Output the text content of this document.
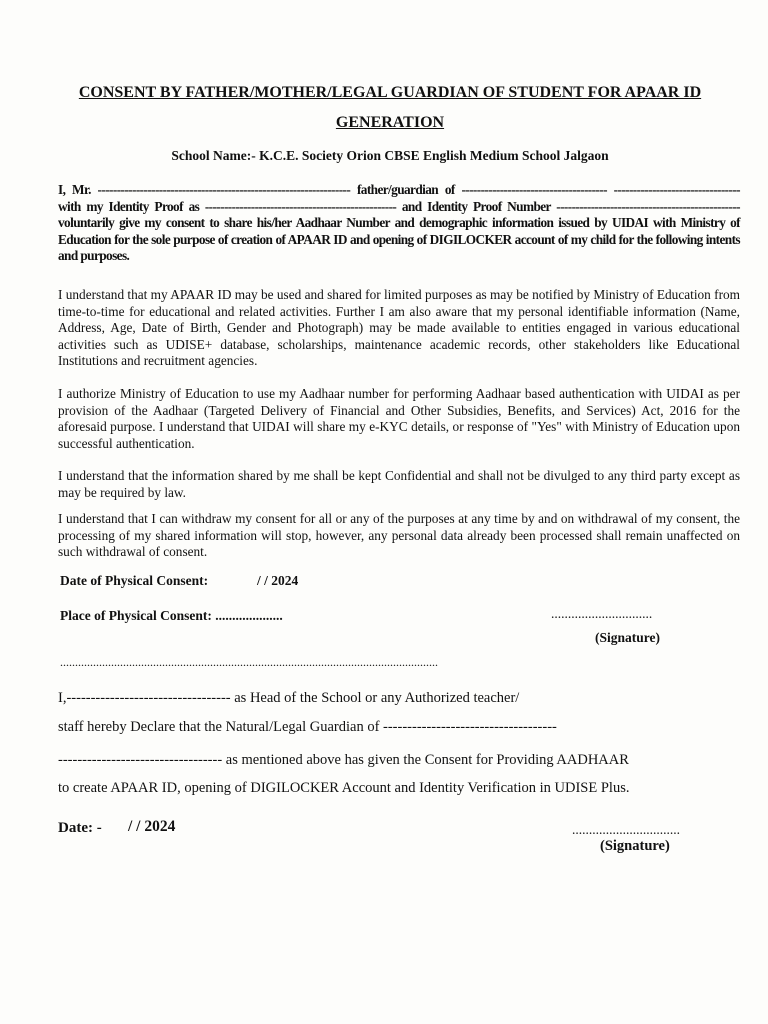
CONSENT BY FATHER/MOTHER/LEGAL GUARDIAN OF STUDENT FOR APAAR ID
GENERATION
School Name:- K.C.E. Society Orion CBSE English Medium School Jalgaon

I, Mr. ------------------------------------------------------------------ father/guardian of -------------------------------------- --------------------------------- with my Identity Proof as -------------------------------------------------- and Identity Proof Number ------------------------------------------------voluntarily give my consent to share his/her Aadhaar Number and demographic information issued by UIDAI with Ministry of Education for the sole purpose of creation of APAAR ID and opening of DIGILOCKER account of my child for the following intents and purposes.

I understand that my APAAR ID may be used and shared for limited purposes as may be notified by Ministry of Education from time-to-time for educational and related activities. Further I am also aware that my personal identifiable information (Name, Address, Age, Date of Birth, Gender and Photograph) may be made available to entities engaged in various educational activities such as UDISE+ database, scholarships, maintenance academic records, other stakeholders like Educational Institutions and recruitment agencies.

I authorize Ministry of Education to use my Aadhaar number for performing Aadhaar based authentication with UIDAI as per provision of the Aadhaar (Targeted Delivery of Financial and Other Subsidies, Benefits, and Services) Act, 2016 for the aforesaid purpose. I understand that UIDAI will share my e-KYC details, or response of "Yes" with Ministry of Education upon successful authentication.

I understand that the information shared by me shall be kept Confidential and shall not be divulged to any third party except as may be required by law.

I understand that I can withdraw my consent for all or any of the purposes at any time by and on withdrawal of my consent, the processing of my shared information will stop, however, any personal data already been processed shall remain unaffected on such withdrawal of consent.

Date of Physical Consent:	/ / 2024
Place of Physical Consent: ....................	..............................
(Signature)
..............................................................................................................................
I,---------------------------------- as Head of the School or any Authorized teacher/
staff hereby Declare that the Natural/Legal Guardian of ------------------------------------
---------------------------------- as mentioned above has given the Consent for Providing AADHAAR
to create APAAR ID, opening of DIGILOCKER Account and Identity Verification in UDISE Plus.
Date: - / / 2024	................................
(Signature)
